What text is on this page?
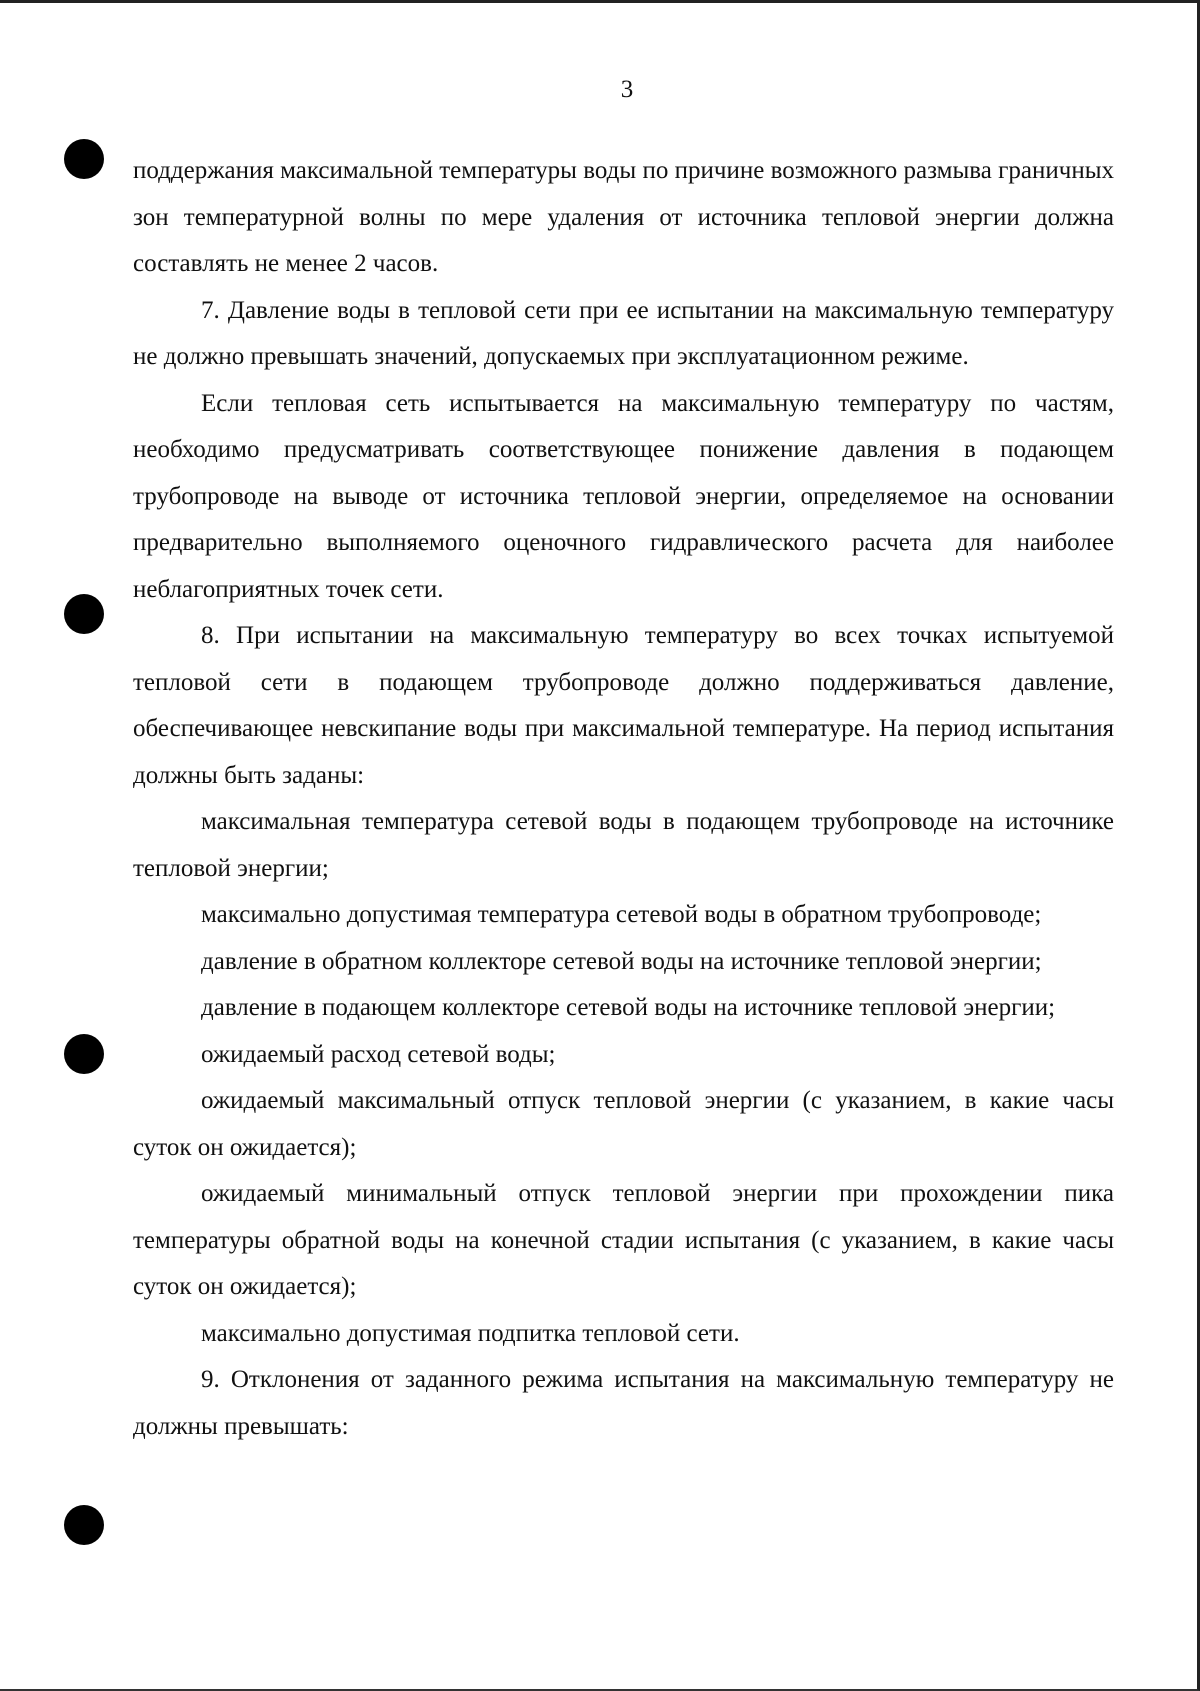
3

поддержания максимальной температуры воды по причине возможного размыва граничных зон температурной волны по мере удаления от источника тепловой энергии должна составлять не менее 2 часов.

7. Давление воды в тепловой сети при ее испытании на максимальную температуру не должно превышать значений, допускаемых при эксплуатационном режиме.

Если тепловая сеть испытывается на максимальную температуру по частям, необходимо предусматривать соответствующее понижение давления в подающем трубопроводе на выводе от источника тепловой энергии, определяемое на основании предварительно выполняемого оценочного гидравлического расчета для наиболее неблагоприятных точек сети.

8. При испытании на максимальную температуру во всех точках испытуемой тепловой сети в подающем трубопроводе должно поддерживаться давление, обеспечивающее невскипание воды при максимальной температуре. На период испытания должны быть заданы:

максимальная температура сетевой воды в подающем трубопроводе на источнике тепловой энергии;

максимально допустимая температура сетевой воды в обратном трубопроводе;

давление в обратном коллекторе сетевой воды на источнике тепловой энергии;

давление в подающем коллекторе сетевой воды на источнике тепловой энергии;

ожидаемый расход сетевой воды;

ожидаемый максимальный отпуск тепловой энергии (с указанием, в какие часы суток он ожидается);

ожидаемый минимальный отпуск тепловой энергии при прохождении пика температуры обратной воды на конечной стадии испытания (с указанием, в какие часы суток он ожидается);

максимально допустимая подпитка тепловой сети.

9. Отклонения от заданного режима испытания на максимальную температуру не должны превышать:
